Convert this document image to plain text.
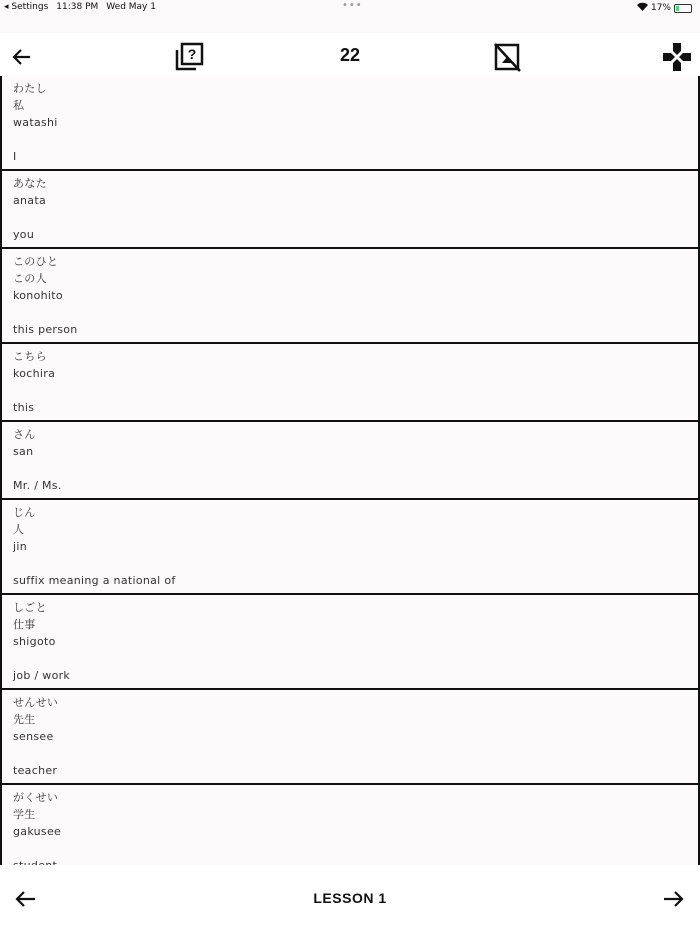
◂ Settings 11:38 PM Wed May 1	•••	17%
?	22
わたし
私
watashi
I
あなた
anata
you
このひと
この人
konohito
this person
こちら
kochira
this
さん
san
Mr. / Ms.
じん
人
jin
suffix meaning a national of
しごと
仕事
shigoto
job / work
せんせい
先生
sensee
teacher
がくせい
学生
gakusee
LESSON 1
